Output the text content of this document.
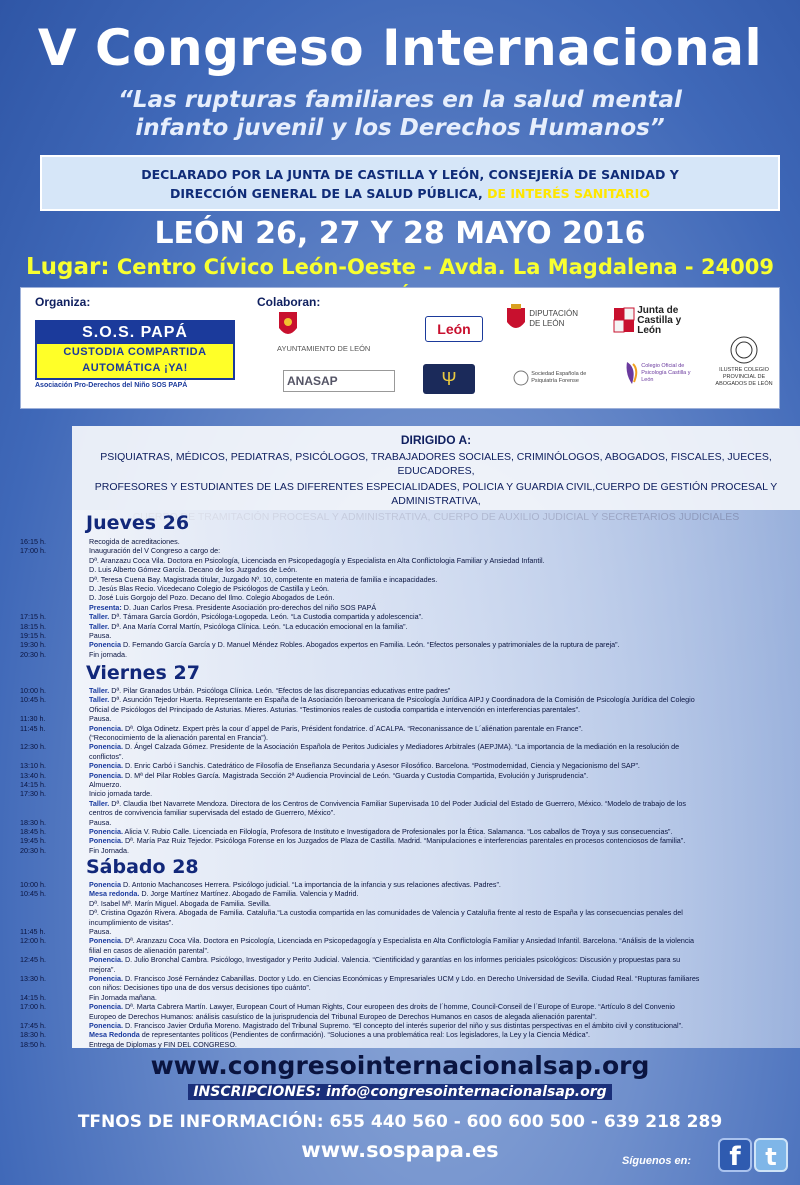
V Congreso Internacional
“Las rupturas familiares en la salud mental
infanto juvenil y los Derechos Humanos”
DECLARADO POR LA JUNTA DE CASTILLA Y LEÓN, CONSEJERÍA DE SANIDAD Y
DIRECCIÓN GENERAL DE LA SALUD PÚBLICA, DE INTERÉS SANITARIO
LEÓN 26, 27 Y 28 MAYO 2016
Lugar: Centro Cívico León-Oeste - Avda. La Magdalena - 24009
Organiza:	Colaboran:
S.O.S. PAPÁ
CUSTODIA COMPARTIDA
AUTOMÁTICA ¡YA!
Asociación Pro-Derechos del Niño SOS PAPÁ
AYUNTAMIENTO DE LEÓN
León
DIPUTACIÓN DE LEÓN
Junta de Castilla y León
ANASAP	Ψ	Sociedad Española de Psiquiatría Forense
Colegio Oficial de Psicología Castilla y León
ILUSTRE COLEGIO PROVINCIAL DE ABOGADOS DE LEÓN
DIRIGIDO A:
PSIQUIATRAS, MÉDICOS, PEDIATRAS, PSICÓLOGOS, TRABAJADORES SOCIALES, CRIMINÓLOGOS, ABOGADOS, FISCALES, JUECES, EDUCADORES,
PROFESORES Y ESTUDIANTES DE LAS DIFERENTES ESPECIALIDADES, POLICIA Y GUARDIA CIVIL,CUERPO DE GESTIÓN PROCESAL Y ADMINISTRATIVA,
Jueves 26
Viernes 27
Sábado 28
www.congresointernacionalsap.org
INSCRIPCIONES: info@congresointernacionalsap.org
TFNOS DE INFORMACIÓN: 655 440 560 - 600 600 500 - 639 218 289
www.sospapa.es	Síguenos en:	f	t
16:15 h.	Recogida de acreditaciones.
17:00 h.	Inauguración del V Congreso a cargo de:
Dª. Aranzazu Coca Vila. Doctora en Psicología, Licenciada en Psicopedagogía y Especialista en Alta Conflictologia Familiar y Ansiedad Infantil.
D. Luis Alberto Gómez García. Decano de los Juzgados de León.
Dª. Teresa Cuena Bay. Magistrada titular, Juzgado Nº. 10, competente en materia de familia e incapacidades.
D. Jesús Blas Recio. Vicedecano Colegio de Psicólogos de Castilla y León.
D. José Luis Gorgojo del Pozo. Decano del Ilmo. Colegio Abogados de León.
Presenta: D. Juan Carlos Presa. Presidente Asociación pro-derechos del niño SOS PAPÁ
17:15 h.	Taller. Dª. Támara García Gordón, Psicóloga-Logopeda. León. “La Custodia compartida y adolescencia”.
18:15 h.	Taller. Dª. Ana María Corral Martín, Psicóloga Clínica. León. “La educación emocional en la familia”.
19:15 h.	Pausa.
19:30 h.	Ponencia D. Fernando García García y D. Manuel Méndez Robles. Abogados expertos en Familia. León. “Efectos personales y patrimoniales de la ruptura de pareja”.
20:30 h.	Fin jornada.
10:00 h.	Taller. Dª. Pilar Granados Urbán. Psicóloga Clínica. León. “Efectos de las discrepancias educativas entre padres”
10:45 h.	Taller. Dª. Asunción Tejedor Huerta. Representante en España de la Asociación Iberoamericana de Psicología Jurídica AIPJ y Coordinadora de la Comisión de Psicología Jurídica del Colegio
Oficial de Psicólogos del Principado de Asturias. Mieres. Asturias. “Testimonios reales de custodia compartida e intervención en interferencias parentales”.
11:30 h.	Pausa.
11:45 h.	Ponencia. Dª. Olga Odinetz. Expert près la cour d´appel de Paris, Président fondatrice. d´ACALPA. “Reconanissance de L´aliénation parentale en France”.
(“Reconocimiento de la alienación parental en Francia”).
12:30 h.	Ponencia. D. Ángel Calzada Gómez. Presidente de la Asociación Española de Peritos Judiciales y Mediadores Arbitrales (AEPJMA). “La importancia de la mediación en la resolución de
conflictos”.
13:10 h.	Ponencia. D. Enric Carbó i Sanchis. Catedrático de Filosofía de Enseñanza Secundaria y Asesor Filosófico. Barcelona. “Postmodernidad, Ciencia y Negacionismo del SAP”.
13:40 h.	Ponencia. D. Mª del Pilar Robles García. Magistrada Sección 2ª Audiencia Provincial de León. “Guarda y Custodia Compartida, Evolución y Jurisprudencia”.
14:15 h.	Almuerzo.
17:30 h.	Inicio jornada tarde.
Taller. Dª. Claudia Ibet Navarrete Mendoza. Directora de los Centros de Convivencia Familiar Supervisada 10 del Poder Judicial del Estado de Guerrero, México. “Modelo de trabajo de los
centros de convivencia familiar supervisada del estado de Guerrero, México”.
18:30 h.	Pausa.
18:45 h.	Ponencia. Alicia V. Rubio Calle. Licenciada en Filología, Profesora de Instituto e Investigadora de Profesionales por la Ética. Salamanca. “Los caballos de Troya y sus consecuencias”.
19:45 h.	Ponencia. Dª. María Paz Ruiz Tejedor. Psicóloga Forense en los Juzgados de Plaza de Castilla. Madrid. “Manipulaciones e interferencias parentales en procesos contenciosos de familia”.
20:30 h.	Fin Jornada.
10:00 h.	Ponencia D. Antonio Machancoses Herrera. Psicólogo judicial. “La importancia de la infancia y sus relaciones afectivas. Padres”.
10:45 h.	Mesa redonda. D. Jorge Martínez Martínez. Abogado de Familia. Valencia y Madrid.
Dª. Isabel Mª. Marín Miguel. Abogada de Familia. Sevilla.
Dª. Cristina Ogazón Rivera. Abogada de Familia. Cataluña.“La custodia compartida en las comunidades de Valencia y Cataluña frente al resto de España y las consecuencias penales del
incumplimiento de visitas”.
11:45 h.	Pausa.
12:00 h.	Ponencia. Dª. Aranzazu Coca Vila. Doctora en Psicología, Licenciada en Psicopedagogía y Especialista en Alta Conflictología Familiar y Ansiedad Infantil. Barcelona. “Análisis de la violencia
filial en casos de alienación parental”.
12:45 h.	Ponencia. D. Julio Bronchal Cambra. Psicólogo, Investigador y Perito Judicial. Valencia. “Cientificidad y garantías en los informes periciales psicológicos: Discusión y propuestas para su
mejora”.
13:30 h.	Ponencia. D. Francisco José Fernández Cabanillas. Doctor y Ldo. en Ciencias Económicas y Empresariales UCM y Ldo. en Derecho Universidad de Sevilla. Ciudad Real. “Rupturas familiares
con niños: Decisiones tipo una de dos versus decisiones tipo cuánto”.
14:15 h.	Fin Jornada mañana.
17:00 h.	Ponencia. Dª. Marta Cabrera Martín. Lawyer, European Court of Human Rights, Cour europeen des droits de l´homme, Council-Conseil de l´Europe of Europe. “Artículo 8 del Convenio
Europeo de Derechos Humanos: análisis casuístico de la jurisprudencia del Tribunal Europeo de Derechos Humanos en casos de alegada alienación parental”.
17:45 h.	Ponencia. D. Francisco Javier Orduña Moreno. Magistrado del Tribunal Supremo. “El concepto del interés superior del niño y sus distintas perspectivas en el ámbito civil y constitucional”.
18:30 h.	Mesa Redonda de representantes políticos (Pendientes de confirmación). “Soluciones a una problemática real: Los legisladores, la Ley y la Ciencia Médica”.
18:50 h.	Entrega de Diplomas y FIN DEL CONGRESO.
